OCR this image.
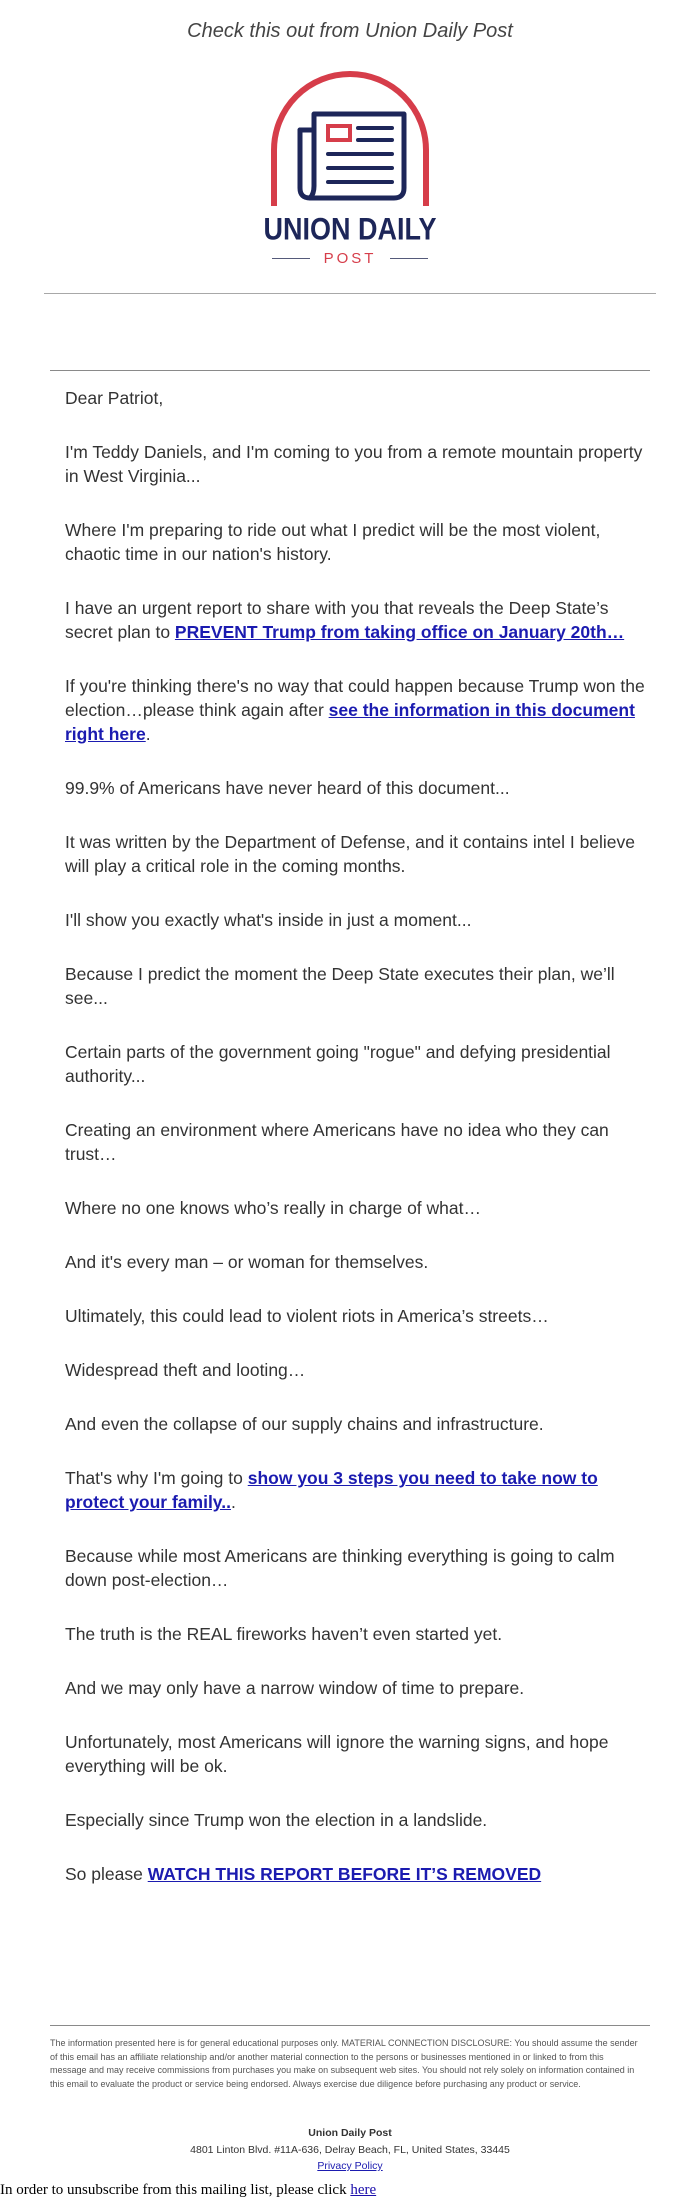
Check this out from Union Daily Post
UNION DAILY
POST

Dear Patriot,

I'm Teddy Daniels, and I'm coming to you from a remote mountain property in West Virginia...

Where I'm preparing to ride out what I predict will be the most violent, chaotic time in our nation's history.

I have an urgent report to share with you that reveals the Deep State’s secret plan to PREVENT Trump from taking office on January 20th…

If you're thinking there's no way that could happen because Trump won the election…please think again after see the information in this document right here.

99.9% of Americans have never heard of this document...

It was written by the Department of Defense, and it contains intel I believe will play a critical role in the coming months.

I'll show you exactly what's inside in just a moment...

Because I predict the moment the Deep State executes their plan, we’ll see...

Certain parts of the government going "rogue" and defying presidential authority...

Creating an environment where Americans have no idea who they can trust…

Where no one knows who’s really in charge of what…

And it's every man – or woman for themselves.

Ultimately, this could lead to violent riots in America’s streets…

Widespread theft and looting…

And even the collapse of our supply chains and infrastructure.

That's why I'm going to show you 3 steps you need to take now to protect your family...

Because while most Americans are thinking everything is going to calm down post-election…

The truth is the REAL fireworks haven’t even started yet.

And we may only have a narrow window of time to prepare.

Unfortunately, most Americans will ignore the warning signs, and hope everything will be ok.

Especially since Trump won the election in a landslide.

So please WATCH THIS REPORT BEFORE IT’S REMOVED

The information presented here is for general educational purposes only. MATERIAL CONNECTION DISCLOSURE: You should assume the sender of this email has an affiliate relationship and/or another material connection to the persons or businesses mentioned in or linked to from this message and may receive commissions from purchases you make on subsequent web sites. You should not rely solely on information contained in this email to evaluate the product or service being endorsed. Always exercise due diligence before purchasing any product or service.
Union Daily Post
4801 Linton Blvd. #11A-636, Delray Beach, FL, United States, 33445
Privacy Policy
In order to unsubscribe from this mailing list, please click here
